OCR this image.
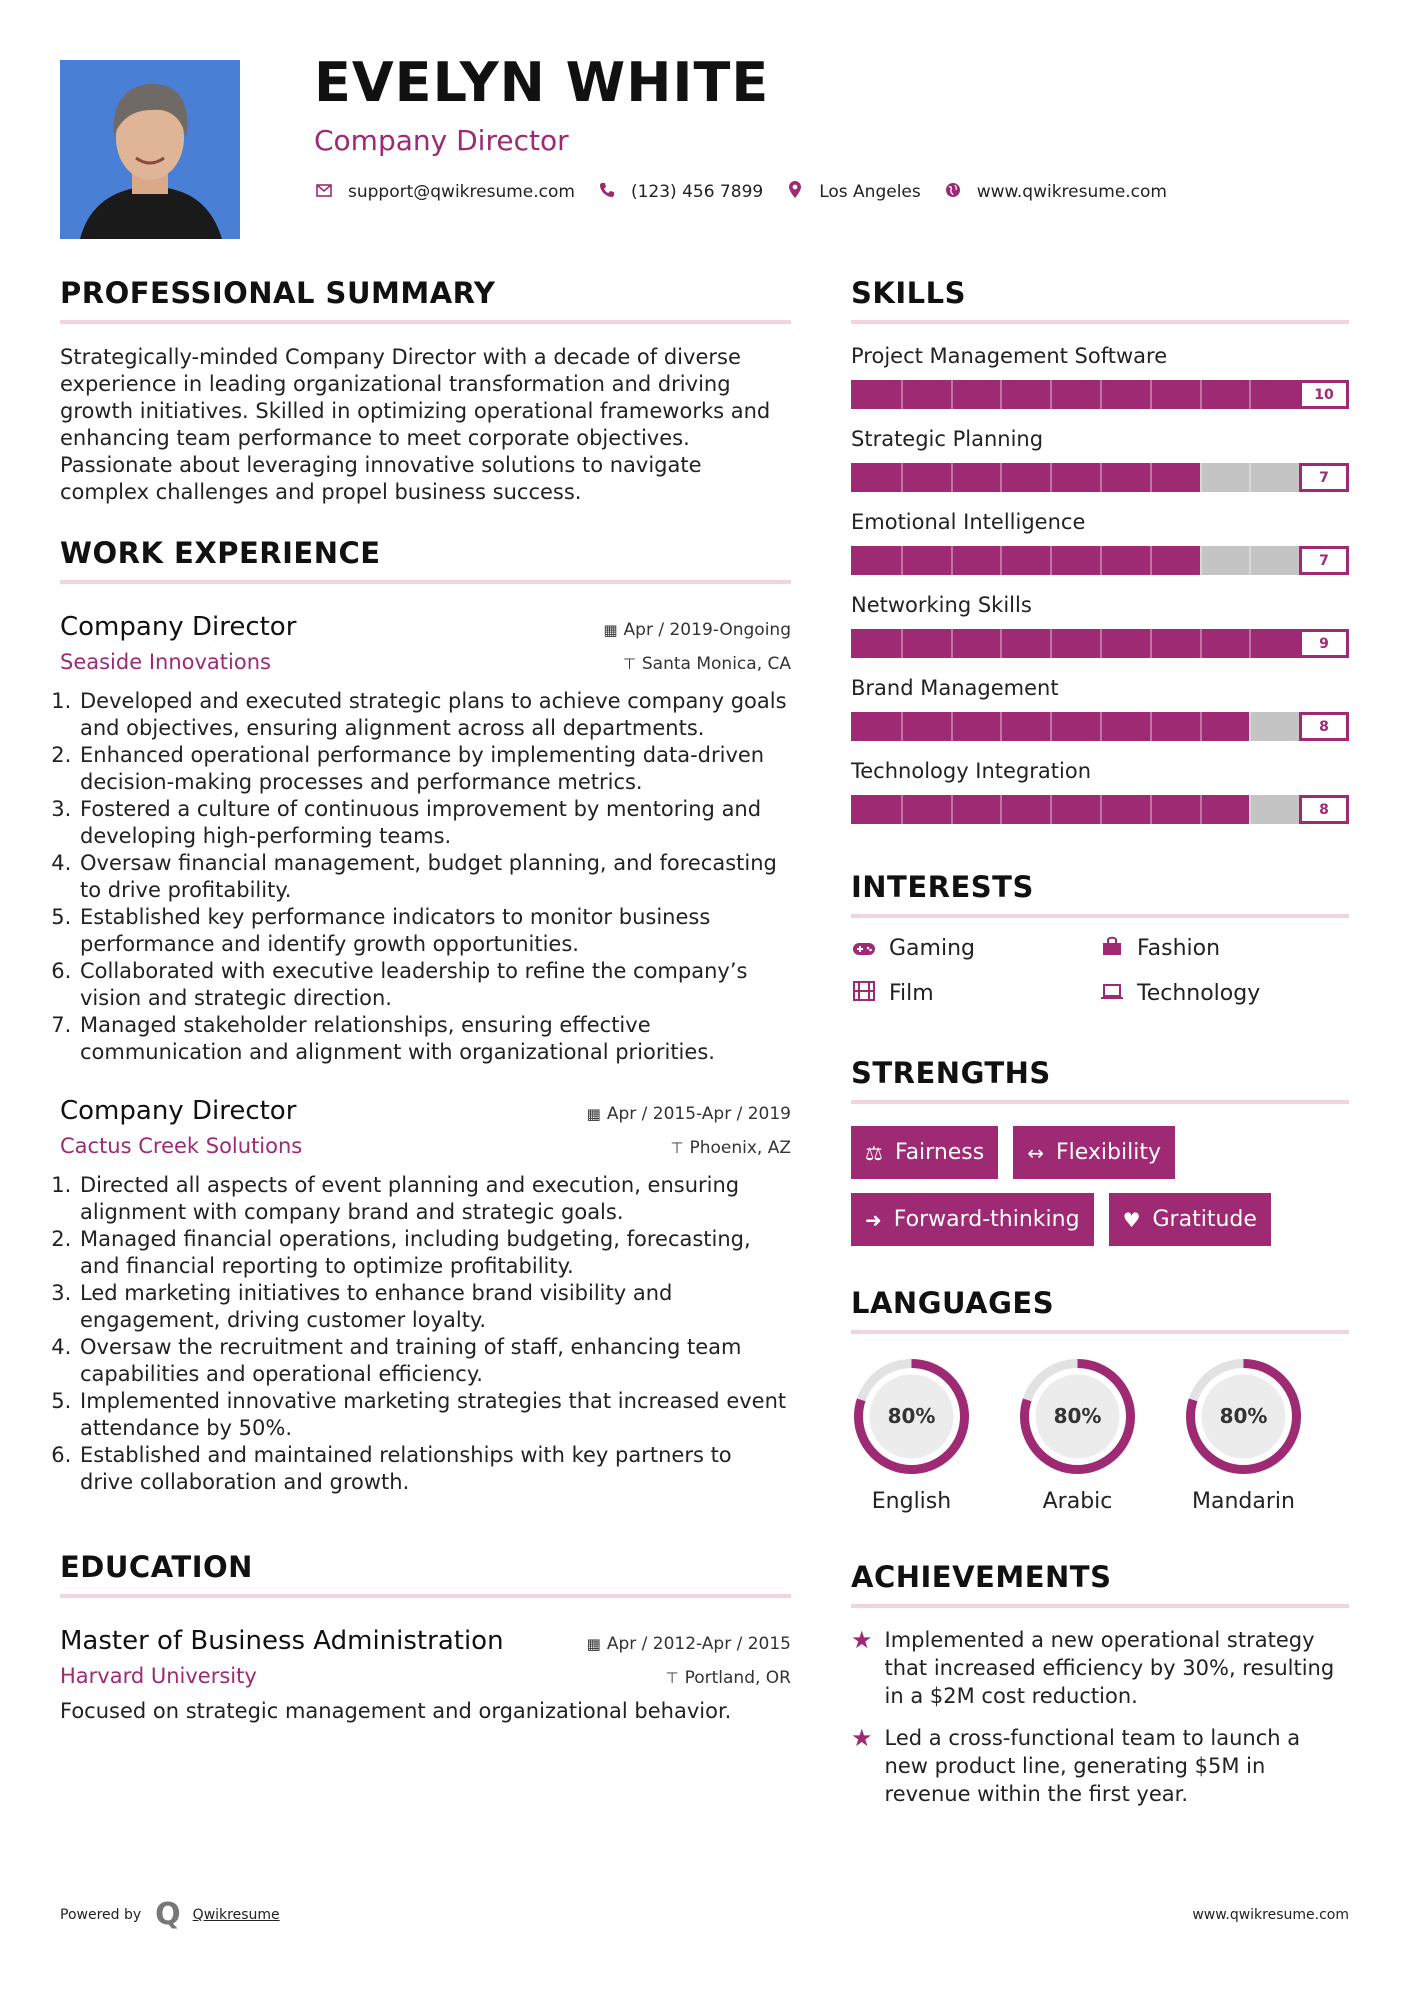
EVELYN WHITE
Company Director
support@qwikresume.com	(123) 456 7899	Los Angeles	www.qwikresume.com
PROFESSIONAL SUMMARY

Strategically-minded Company Director with a decade of diverse experience in leading organizational transformation and driving growth initiatives. Skilled in optimizing operational frameworks and enhancing team performance to meet corporate objectives. Passionate about leveraging innovative solutions to navigate complex challenges and propel business success.

WORK EXPERIENCE
Company Director	▦ Apr / 2019-Ongoing
Seaside Innovations	⊤ Santa Monica, CA
1. Developed and executed strategic plans to achieve company goals and objectives, ensuring alignment across all departments.
2. Enhanced operational performance by implementing data-driven decision-making processes and performance metrics.
3. Fostered a culture of continuous improvement by mentoring and developing high-performing teams.
4. Oversaw financial management, budget planning, and forecasting to drive profitability.
5. Established key performance indicators to monitor business performance and identify growth opportunities.
6. Collaborated with executive leadership to refine the company’s vision and strategic direction.
7. Managed stakeholder relationships, ensuring effective communication and alignment with organizational priorities.
Company Director	▦ Apr / 2015-Apr / 2019
Cactus Creek Solutions	⊤ Phoenix, AZ
1. Directed all aspects of event planning and execution, ensuring alignment with company brand and strategic goals.
2. Managed financial operations, including budgeting, forecasting, and financial reporting to optimize profitability.
3. Led marketing initiatives to enhance brand visibility and engagement, driving customer loyalty.
4. Oversaw the recruitment and training of staff, enhancing team capabilities and operational efficiency.
5. Implemented innovative marketing strategies that increased event attendance by 50%.
6. Established and maintained relationships with key partners to drive collaboration and growth.
EDUCATION
Master of Business Administration	▦ Apr / 2012-Apr / 2015
Harvard University	⊤ Portland, OR

Focused on strategic management and organizational behavior.

SKILLS
Project Management Software
10
Strategic Planning
7
Emotional Intelligence
7
Networking Skills
9
Brand Management
8
Technology Integration
8
INTERESTS
Gaming	Fashion
Film	Technology
STRENGTHS
⚖ Fairness ↔ Flexibility
➜ Forward-thinking ♥ Gratitude
LANGUAGES
80%
English
80%
Arabic
80%
Mandarin
ACHIEVEMENTS
★ Implemented a new operational strategy that increased efficiency by 30%, resulting in a $2M cost reduction.
★ Led a cross-functional team to launch a new product line, generating $5M in revenue within the first year.
Powered by Q Qwikresume	www.qwikresume.com
